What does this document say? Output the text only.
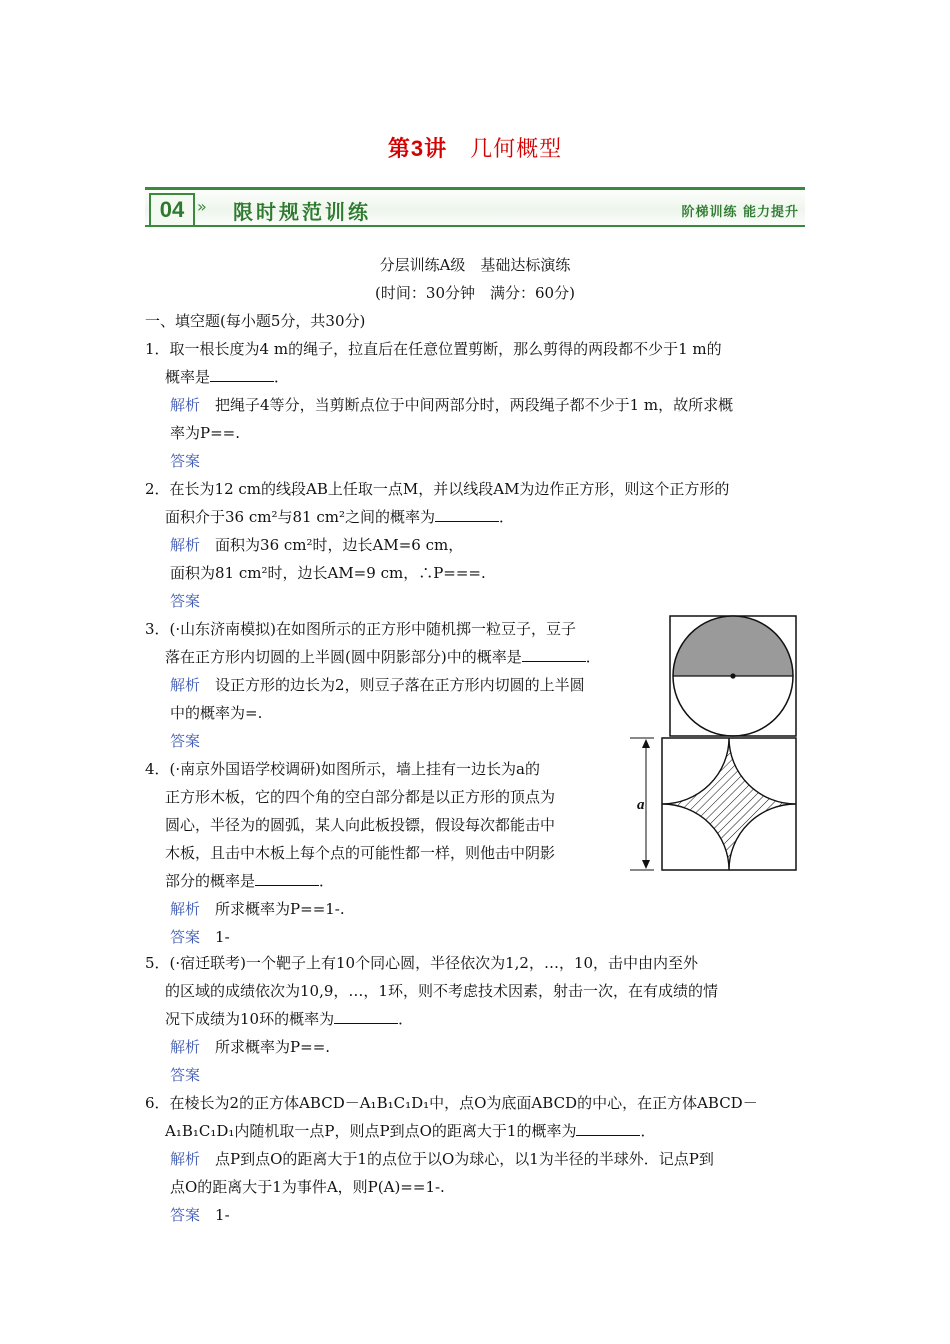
第3讲　 几何概型
04 » 限时规范训练	阶梯训练 能力提升
分层训练A级　基础达标演练
(时间：30分钟　满分：60分)
一、填空题(每小题5分，共30分)
1．取一根长度为4 m的绳子，拉直后在任意位置剪断，那么剪得的两段都不少于1 m的
概率是	．
解析　 把绳子4等分，当剪断点位于中间两部分时，两段绳子都不少于1 m，故所求概
率为P==.
答案
2．在长为12 cm的线段AB上任取一点M，并以线段AM为边作正方形，则这个正方形的
面积介于36 cm²与81 cm²之间的概率为	．
解析　 面积为36 cm²时，边长AM=6 cm，
面积为81 cm²时，边长AM=9 cm，∴P===.
答案
3．(·山东济南模拟)在如图所示的正方形中随机掷一粒豆子，豆子
落在正方形内切圆的上半圆(圆中阴影部分)中的概率是	．
解析　 设正方形的边长为2，则豆子落在正方形内切圆的上半圆
中的概率为=.
答案
4．(·南京外国语学校调研)如图所示，墙上挂有一边长为a的
正方形木板，它的四个角的空白部分都是以正方形的顶点为
圆心，半径为的圆弧，某人向此板投镖，假设每次都能击中
木板，且击中木板上每个点的可能性都一样，则他击中阴影
部分的概率是	．
解析　 所求概率为P==1-.
答案　 1-
a
5．(·宿迁联考)一个靶子上有10个同心圆，半径依次为1,2，…，10，击中由内至外
的区域的成绩依次为10,9，…，1环，则不考虑技术因素，射击一次，在有成绩的情
况下成绩为10环的概率为	．
解析　 所求概率为P==.
答案
6．在棱长为2的正方体ABCD－A₁B₁C₁D₁中，点O为底面ABCD的中心，在正方体ABCD－
A₁B₁C₁D₁内随机取一点P，则点P到点O的距离大于1的概率为	．
解析　 点P到点O的距离大于1的点位于以O为球心，以1为半径的半球外．记点P到
点O的距离大于1为事件A，则P(A)==1-.
答案　 1-
